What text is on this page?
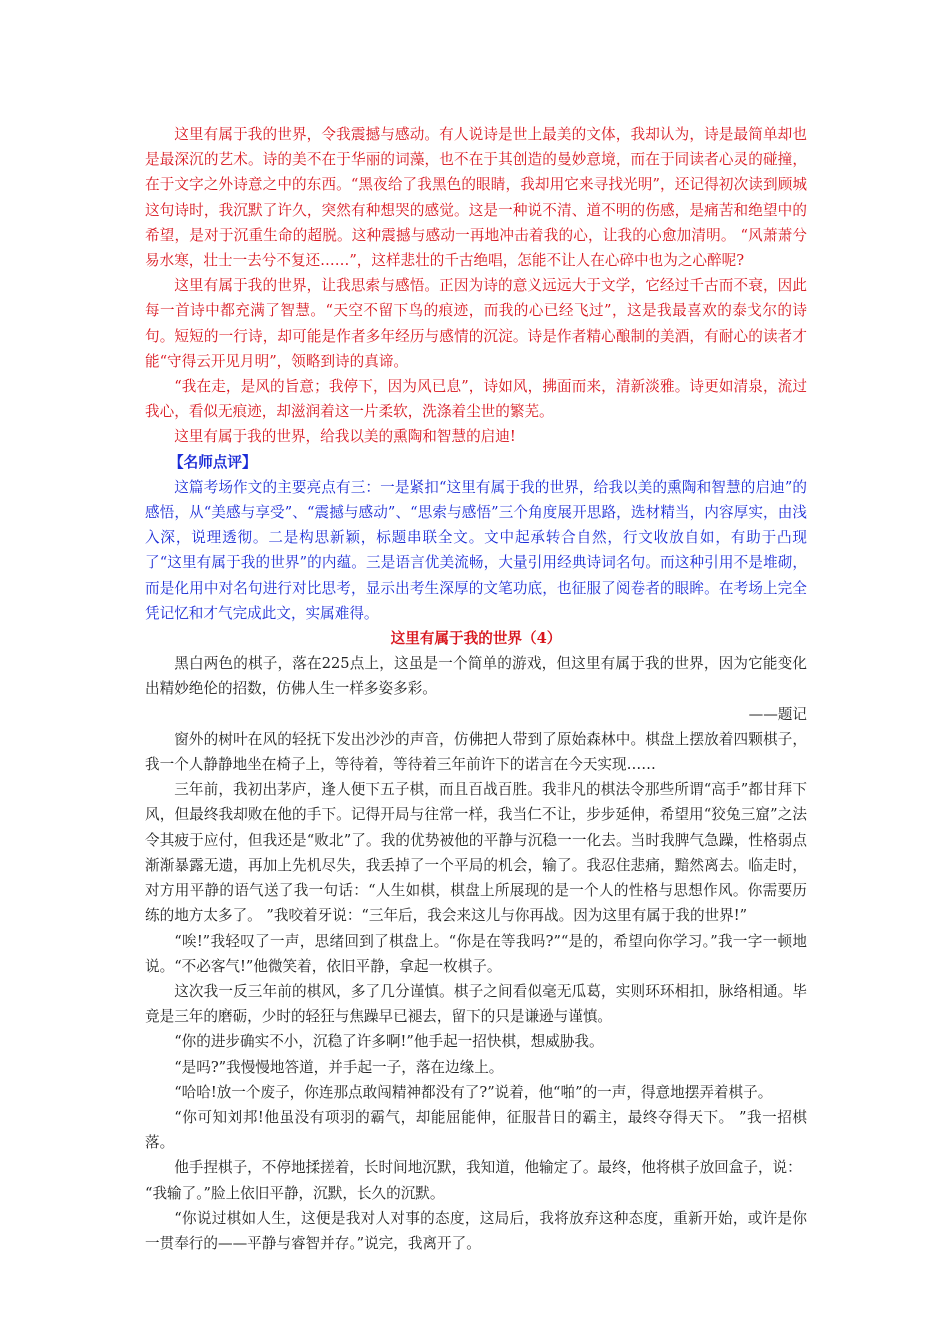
这里有属于我的世界，令我震撼与感动。有人说诗是世上最美的文体，我却认为，诗是最简单却也是最深沉的艺术。诗的美不在于华丽的词藻，也不在于其创造的曼妙意境，而在于同读者心灵的碰撞，在于文字之外诗意之中的东西。“黑夜给了我黑色的眼睛，我却用它来寻找光明”，还记得初次读到顾城这句诗时，我沉默了许久，突然有种想哭的感觉。这是一种说不清、道不明的伤感，是痛苦和绝望中的希望，是对于沉重生命的超脱。这种震撼与感动一再地冲击着我的心，让我的心愈加清明。 “风萧萧兮易水寒，壮士一去兮不复还……”，这样悲壮的千古绝唱，怎能不让人在心碎中也为之心醉呢?

这里有属于我的世界，让我思索与感悟。正因为诗的意义远远大于文学，它经过千古而不衰，因此每一首诗中都充满了智慧。“天空不留下鸟的痕迹，而我的心已经飞过”，这是我最喜欢的泰戈尔的诗句。短短的一行诗，却可能是作者多年经历与感情的沉淀。诗是作者精心酿制的美酒，有耐心的读者才能“守得云开见月明”，领略到诗的真谛。

“我在走，是风的旨意；我停下，因为风已息”，诗如风，拂面而来，清新淡雅。诗更如清泉，流过我心，看似无痕迹，却滋润着这一片柔软，洗涤着尘世的繁芜。

这里有属于我的世界，给我以美的熏陶和智慧的启迪!

【名师点评】

这篇考场作文的主要亮点有三：一是紧扣“这里有属于我的世界，给我以美的熏陶和智慧的启迪”的感悟，从“美感与享受”、“震撼与感动”、“思索与感悟”三个角度展开思路，选材精当，内容厚实，由浅入深，说理透彻。二是构思新颖，标题串联全文。文中起承转合自然，行文收放自如，有助于凸现了“这里有属于我的世界”的内蕴。三是语言优美流畅，大量引用经典诗词名句。而这种引用不是堆砌，而是化用中对名句进行对比思考，显示出考生深厚的文笔功底，也征服了阅卷者的眼眸。在考场上完全凭记忆和才气完成此文，实属难得。

这里有属于我的世界（4）

黑白两色的棋子，落在225点上，这虽是一个简单的游戏，但这里有属于我的世界，因为它能变化出精妙绝伦的招数，仿佛人生一样多姿多彩。

——题记

窗外的树叶在风的轻抚下发出沙沙的声音，仿佛把人带到了原始森林中。棋盘上摆放着四颗棋子，我一个人静静地坐在椅子上，等待着，等待着三年前许下的诺言在今天实现……

三年前，我初出茅庐，逢人便下五子棋，而且百战百胜。我非凡的棋法令那些所谓“高手”都甘拜下风，但最终我却败在他的手下。记得开局与往常一样，我当仁不让，步步延伸，希望用“狡兔三窟”之法令其疲于应付，但我还是“败北”了。我的优势被他的平静与沉稳一一化去。当时我脾气急躁，性格弱点渐渐暴露无遗，再加上先机尽失，我丢掉了一个平局的机会，输了。我忍住悲痛，黯然离去。临走时，对方用平静的语气送了我一句话：“人生如棋，棋盘上所展现的是一个人的性格与思想作风。你需要历练的地方太多了。 ”我咬着牙说：“三年后，我会来这儿与你再战。因为这里有属于我的世界!”

“唉!”我轻叹了一声，思绪回到了棋盘上。“你是在等我吗?”“是的，希望向你学习。”我一字一顿地说。“不必客气!”他微笑着，依旧平静，拿起一枚棋子。

这次我一反三年前的棋风，多了几分谨慎。棋子之间看似毫无瓜葛，实则环环相扣，脉络相通。毕竟是三年的磨砺，少时的轻狂与焦躁早已褪去，留下的只是谦逊与谨慎。

“你的进步确实不小，沉稳了许多啊!”他手起一招快棋，想威胁我。

“是吗?”我慢慢地答道，并手起一子，落在边缘上。

“哈哈!放一个废子，你连那点敢闯精神都没有了?”说着，他“啪”的一声，得意地摆弄着棋子。

“你可知刘邦!他虽没有项羽的霸气，却能屈能伸，征服昔日的霸主，最终夺得天下。 ”我一招棋落。

他手捏棋子，不停地揉搓着，长时间地沉默，我知道，他输定了。最终，他将棋子放回盒子，说：

“我输了。”脸上依旧平静，沉默，长久的沉默。

“你说过棋如人生，这便是我对人对事的态度，这局后，我将放弃这种态度，重新开始，或许是你一贯奉行的——平静与睿智并存。”说完，我离开了。
